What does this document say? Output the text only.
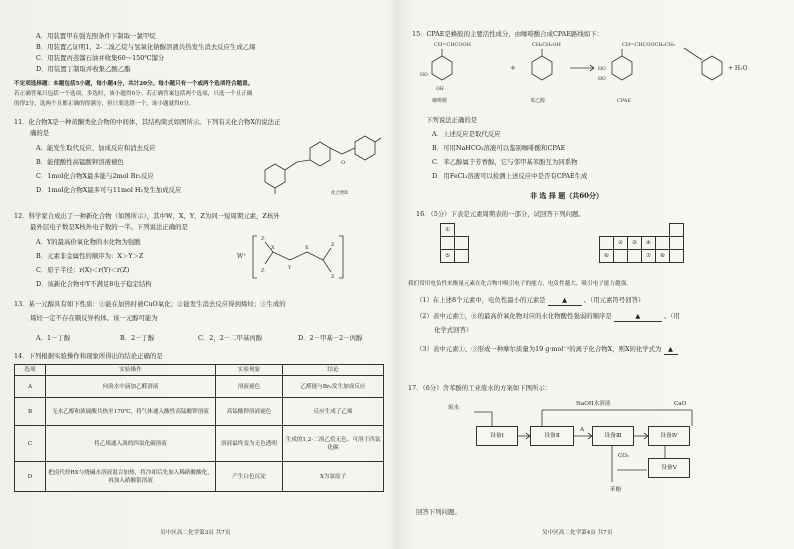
A．用装置甲在强光照条件下制取一氯甲烷
B．用装置乙证明1，2-二溴乙烷与氢氧化钠醇溶液共热发生消去反应生成乙烯
C．用装置丙蒸馏石油并收集60～150℃馏分
D．用装置丁制取并收集乙酸乙酯
不定项选择题：本题包括5小题，每小题4分，共计20分。每小题只有一个或两个选项符合题意。
若正确答案只包括一个选项，多选时，该小题得0分；若正确答案包括两个选项，只选一个且正确
的得2分，选两个且都正确的得满分，但只要选错一个，该小题就得0分。
11．化合物X是一种黄酮类化合物的中间体，其结构简式如图所示。下列有关化合物X的说法正
确的是
A．能发生取代反应、加成反应和消去反应
B．能使酸性高锰酸钾溶液褪色
C．1mol化合物X最多能与2mol Br₂反应
D．1mol化合物X最多可与11mol H₂发生加成反应
O
化合物X
12．科学家合成出了一种新化合物（如图所示），其中W、X、Y、Z为同一短周期元素，Z核外
最外层电子数是X核外电子数的一半。下列说法正确的是
A．Y的最高价氧化物的水化物为强酸
B．元素非金属性的顺序为：X＞Y＞Z
C．原子半径：r(X)＜r(Y)＜r(Z)
D．该新化合物中Y不满足8电子稳定结构
W⁺
X
Y
X
Z
Z
Z
Z
13．某一元醇具有如下性质：①能在加热时被CuO氧化；②能发生消去反应得到烯烃；③生成的
烯烃一定不存在顺反异构体。该一元醇可能为
A．1－丁醇	B．2－丁醇	C．2，2－二甲基丙醇	D．2－甲基－2－丙醇
14．下列根据实验操作和现象所得出的结论正确的是
选项	实验操作	实验现象	结论
A	向溴水中滴加乙醛溶液	溶液褪色	乙醛能与Br₂发生加成反应
B	无水乙醇和浓硫酸共热至170℃，将气体通入酸性高锰酸钾溶液	高锰酸钾溶液褪色	反应生成了乙烯
C	将乙烯通入溴的四氯化碳溶液	溶液最终变为无色透明	生成的1,2-二溴乙烷无色、可溶于四氯化碳
D	把卤代烃RX与烧碱水溶液混合加热，将冷却后先加入稀硝酸酸化，再加入硝酸银溶液	产生白色沉淀	X为氯原子
吴中区高二化学第3页 共7页
15．CPAE是蜂胶的主要活性成分，由咖啡酸合成CPAE路线如下：
CH=CHCOOH	CH₂CH₂OH	CH=CHCOOCH₂CH₂
+
OH
HO
HO
HO
+ H₂O
咖啡酸	苯乙醇	CPAE
下列说法正确的是
A．上述反应是取代反应
B．可用NaHCO₃溶液可以鉴别咖啡酸和CPAE
C．苯乙醇属于芳香醇，它与邻甲基苯酚互为同系物
D．用FeCl₃溶液可以检测上述反应中是否有CPAE生成
非 选 择 题（共60分）
16．（5分）下表是元素周期表的一部分，试回答下列问题。
①																	
													②	③	④		
⑤												⑥			⑦	⑧	
我们常用电负性来衡量元素在化合物中吸引电子的能力，电负性越大，吸引电子能力越强。
（1）在上述8个元素中，电负性最小的元素是	▲	。（用元素符号回答）
（2）表中元素⑦，⑧的最高价氧化物对应的水化物酸性强弱的顺序是	▲	。（用
化学式回答）
（3）表中元素①、③形成一种摩尔质量为19 g·mol⁻¹的离子化合物X，则X的化学式为 ▲
17．（6分）含苯酚的工业废水的方案如下图所示：
废水
NaOH水溶液	CaO
A
CO₂
苯酚
设备Ⅰ	设备Ⅱ	设备Ⅲ	设备Ⅳ
设备Ⅴ
回答下列问题。
吴中区高二化学第4页 共7页
